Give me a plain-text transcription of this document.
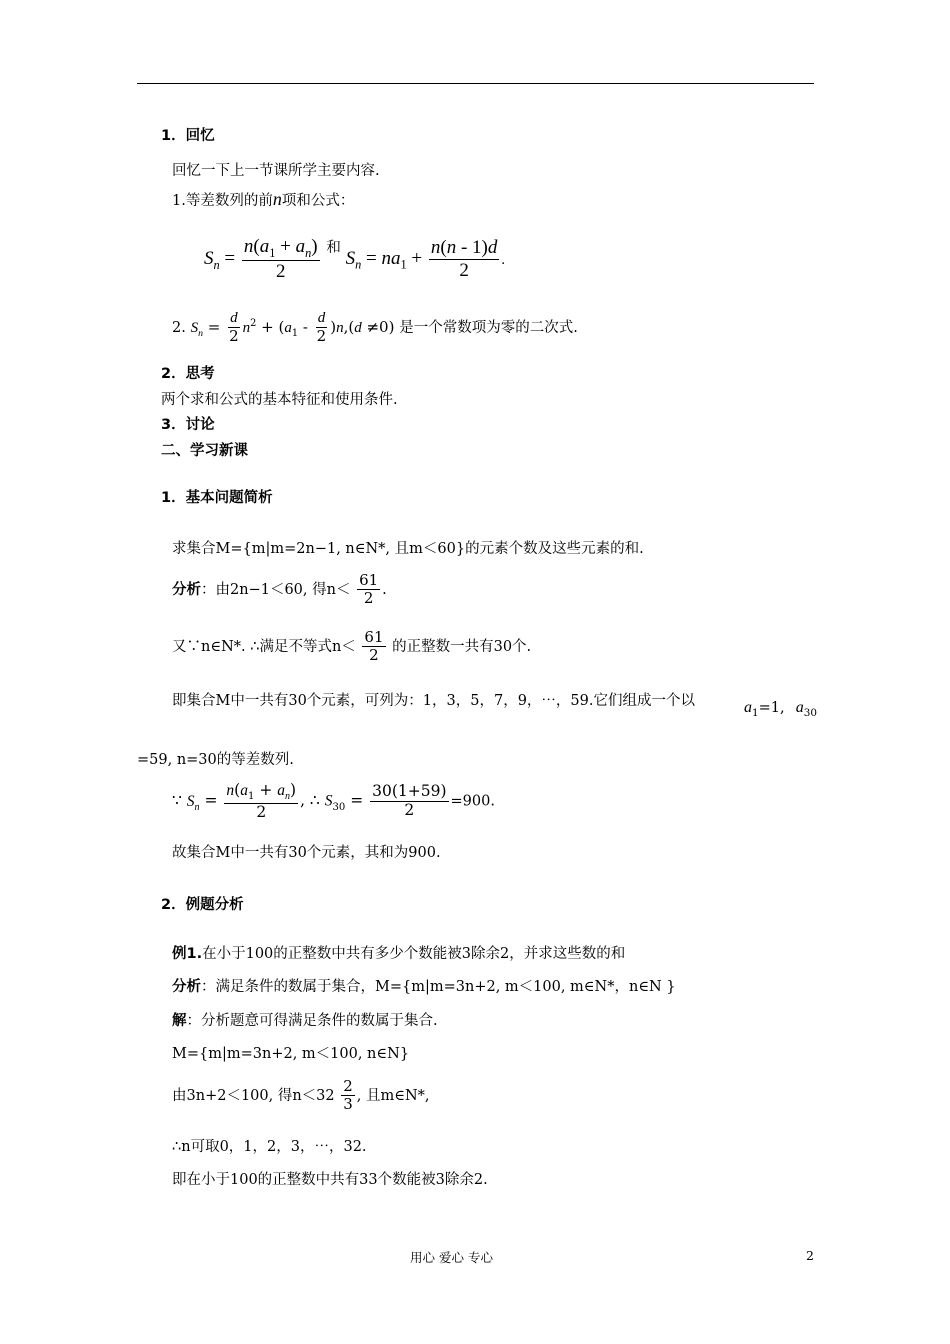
1．回忆
回忆一下上一节课所学主要内容.
1.等差数列的前n项和公式：
$S_n = \frac{n(a_1 + a_n)}{2} ^和$ $S_n = na_1 + \frac{n(n - 1)d}{2}$ .
2. $S_n = \frac{d}{2} n^2 + (a_1 - \frac{d}{2} )n,(d \ne 0)$ 是一个常数项为零的二次式.
2．思考
两个求和公式的基本特征和使用条件.
3．讨论
二、学习新课
1．基本问题简析
求集合M={m|m=2n−1, n∈N*, 且m＜60}的元素个数及这些元素的和.
分析：由2n−1＜60, 得$n< \frac{61}{2}$ .
又∵n∈N*. ∴满足不等式$n< \frac{61}{2}$ 的正整数一共有30个.
即集合M中一共有30个元素，可列为：1，3，5，7，9，⋯，59.它们组成一个以	$a_1=1$, $a_{30}$
=59, n=30的等差数列.
∵ $S_n = \frac{n(a_1 + a_n)}{2}$ , ∴ $S_{30} = \frac{30(1+59)}{2} =900$.
故集合M中一共有30个元素，其和为900.
2．例题分析
例1.在小于100的正整数中共有多少个数能被3除余2，并求这些数的和
分析：满足条件的数属于集合，M={m|m=3n+2, m＜100, m∈N*，n∈N }
解：分析题意可得满足条件的数属于集合.
M={m|m=3n+2, m＜100, n∈N}
由3n+2＜100, 得$n<32 \frac{2}{3}$ , 且m∈N*,
∴n可取0，1，2，3，⋯，32.
即在小于100的正整数中共有33个数能被3除余2.
用心 爱心 专心	2
